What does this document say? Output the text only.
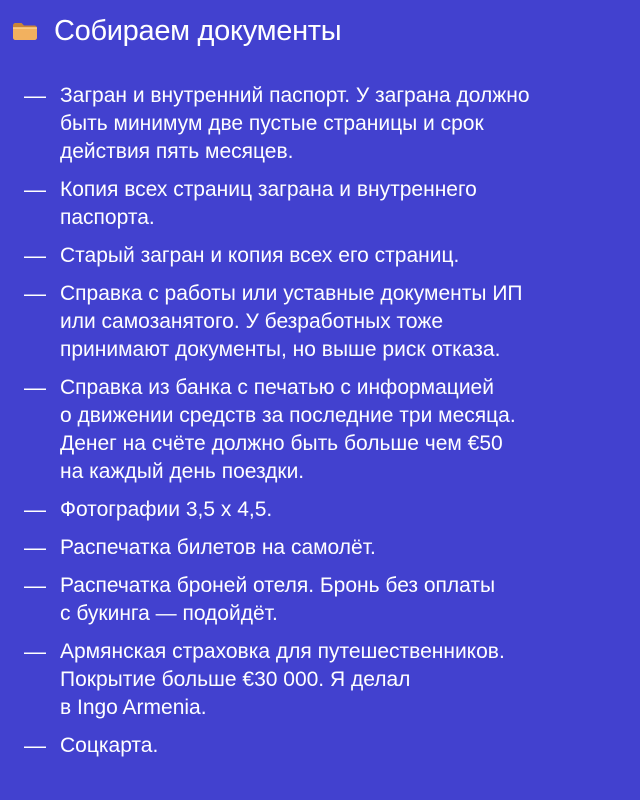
Собираем документы
— Загран и внутренний паспорт. У заграна должно
быть минимум две пустые страницы и срок
действия пять месяцев.
— Копия всех страниц заграна и внутреннего
паспорта.
— Старый загран и копия всех его страниц.
— Справка с работы или уставные документы ИП
или самозанятого. У безработных тоже
принимают документы, но выше риск отказа.
— Справка из банка с печатью с информацией
о движении средств за последние три месяца.
Денег на счёте должно быть больше чем €50
на каждый день поездки.
— Фотографии 3,5 х 4,5.
— Распечатка билетов на самолёт.
— Распечатка броней отеля. Бронь без оплаты
с букинга — подойдёт.
— Армянская страховка для путешественников.
Покрытие больше €30 000. Я делал
в Ingo Armenia.
— Соцкарта.
